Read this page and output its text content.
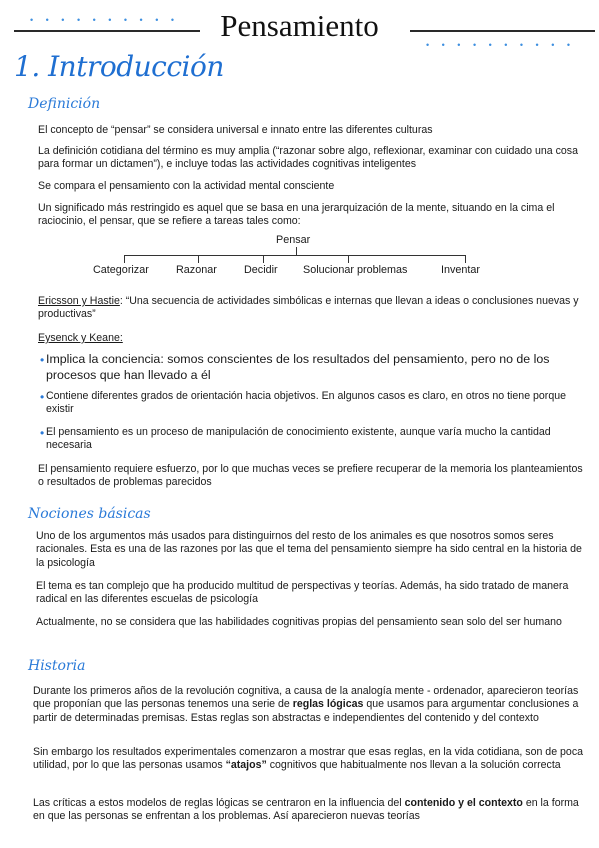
• • • • • • • • • •	Pensamiento
• • • • • • • • • •
1. Introducción
Definición
El concepto de “pensar” se considera universal e innato entre las diferentes culturas
La definición cotidiana del término es muy amplia (“razonar sobre algo, reflexionar, examinar con cuidado una cosa para formar un dictamen”), e incluye todas las actividades cognitivas inteligentes
Se compara el pensamiento con la actividad mental consciente
Un significado más restringido es aquel que se basa en una jerarquización de la mente, situando en la cima el raciocinio, el pensar, que se refiere a tareas tales como:
Pensar
Categorizar	Razonar	Decidir Solucionar problemas	Inventar
Ericsson y Hastie: “Una secuencia de actividades simbólicas e internas que llevan a ideas o conclusiones nuevas y productivas”
Eysenck y Keane:
• Implica la conciencia: somos conscientes de los resultados del pensamiento, pero no de los procesos que han llevado a él
• Contiene diferentes grados de orientación hacia objetivos. En algunos casos es claro, en otros no tiene porque existir
• El pensamiento es un proceso de manipulación de conocimiento existente, aunque varía mucho la cantidad necesaria
El pensamiento requiere esfuerzo, por lo que muchas veces se prefiere recuperar de la memoria los planteamientos o resultados de problemas parecidos
Nociones básicas
Uno de los argumentos más usados para distinguirnos del resto de los animales es que nosotros somos seres racionales. Esta es una de las razones por las que el tema del pensamiento siempre ha sido central en la historia de la psicología
El tema es tan complejo que ha producido multitud de perspectivas y teorías. Además, ha sido tratado de manera radical en las diferentes escuelas de psicología
Actualmente, no se considera que las habilidades cognitivas propias del pensamiento sean solo del ser humano
Historia
Durante los primeros años de la revolución cognitiva, a causa de la analogía mente - ordenador, aparecieron teorías que proponían que las personas tenemos una serie de reglas lógicas que usamos para argumentar conclusiones a partir de determinadas premisas. Estas reglas son abstractas e independientes del contenido y del contexto
Sin embargo los resultados experimentales comenzaron a mostrar que esas reglas, en la vida cotidiana, son de poca utilidad, por lo que las personas usamos “atajos” cognitivos que habitualmente nos llevan a la solución correcta
Las críticas a estos modelos de reglas lógicas se centraron en la influencia del contenido y el contexto en la forma en que las personas se enfrentan a los problemas. Así aparecieron nuevas teorías
